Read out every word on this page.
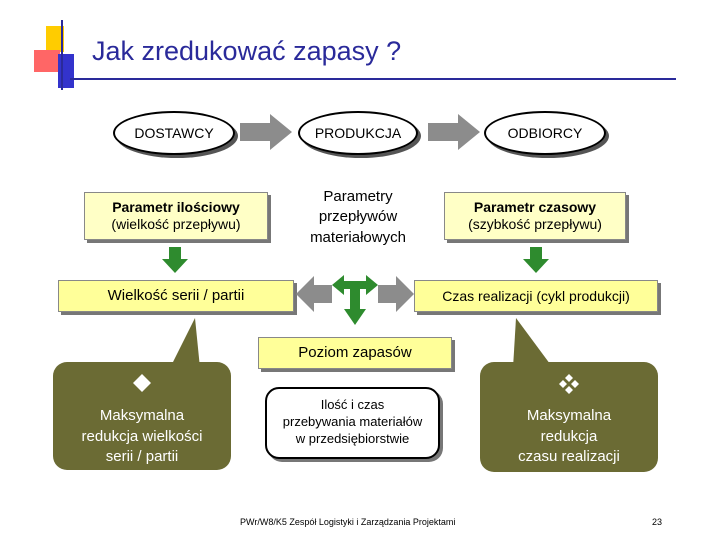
Jak zredukować zapasy ?
DOSTAWCY	PRODUKCJA	ODBIORCY
Parametr ilościowy
(wielkość przepływu)
Parametry
przepływów
materiałowych
Parametr czasowy
(szybkość przepływu)
Wielkość serii / partii	Czas realizacji (cykl produkcji)
Poziom zapasów
Maksymalna
redukcja wielkości
serii / partii
Ilość i czas
przebywania materiałów
w przedsiębiorstwie
Maksymalna
redukcja
czasu realizacji
PWr/W8/K5 Zespół Logistyki i Zarządzania Projektami	23
